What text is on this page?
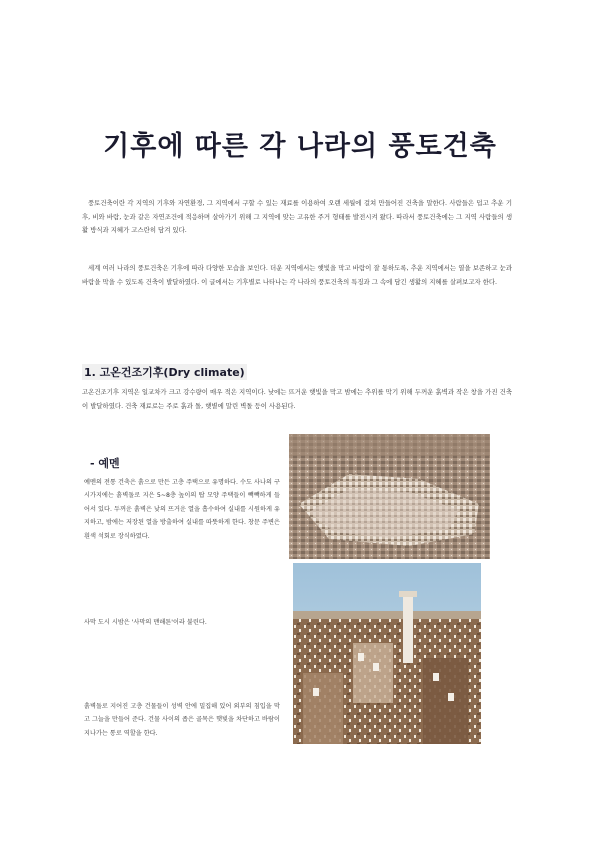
기후에 따른 각 나라의 풍토건축

풍토건축이란 각 지역의 기후와 자연환경, 그 지역에서 구할 수 있는 재료를 이용하여 오랜 세월에 걸쳐 만들어진 건축을 말한다. 사람들은 덥고 추운 기후, 비와 바람, 눈과 같은 자연조건에 적응하며 살아가기 위해 그 지역에 맞는 고유한 주거 형태를 발전시켜 왔다. 따라서 풍토건축에는 그 지역 사람들의 생활 방식과 지혜가 고스란히 담겨 있다.

세계 여러 나라의 풍토건축은 기후에 따라 다양한 모습을 보인다. 더운 지역에서는 햇빛을 막고 바람이 잘 통하도록, 추운 지역에서는 열을 보존하고 눈과 바람을 막을 수 있도록 건축이 발달하였다. 이 글에서는 기후별로 나타나는 각 나라의 풍토건축의 특징과 그 속에 담긴 생활의 지혜를 살펴보고자 한다.

1. 고온건조기후(Dry climate)

고온건조기후 지역은 일교차가 크고 강수량이 매우 적은 지역이다. 낮에는 뜨거운 햇빛을 막고 밤에는 추위를 막기 위해 두꺼운 흙벽과 작은 창을 가진 건축이 발달하였다. 건축 재료로는 주로 흙과 돌, 햇볕에 말린 벽돌 등이 사용된다.

- 예멘

예멘의 전통 건축은 흙으로 만든 고층 주택으로 유명하다. 수도 사나의 구시가지에는 흙벽돌로 지은 5~8층 높이의 탑 모양 주택들이 빽빽하게 들어서 있다. 두꺼운 흙벽은 낮의 뜨거운 열을 흡수하여 실내를 시원하게 유지하고, 밤에는 저장된 열을 방출하여 실내를 따뜻하게 한다. 창문 주변은 흰색 석회로 장식하였다.

사막 도시 시밤은 '사막의 맨해튼'이라 불린다.

흙벽돌로 지어진 고층 건물들이 성벽 안에 밀집해 있어 외부의 침입을 막고 그늘을 만들어 준다. 건물 사이의 좁은 골목은 햇빛을 차단하고 바람이 지나가는 통로 역할을 한다.
